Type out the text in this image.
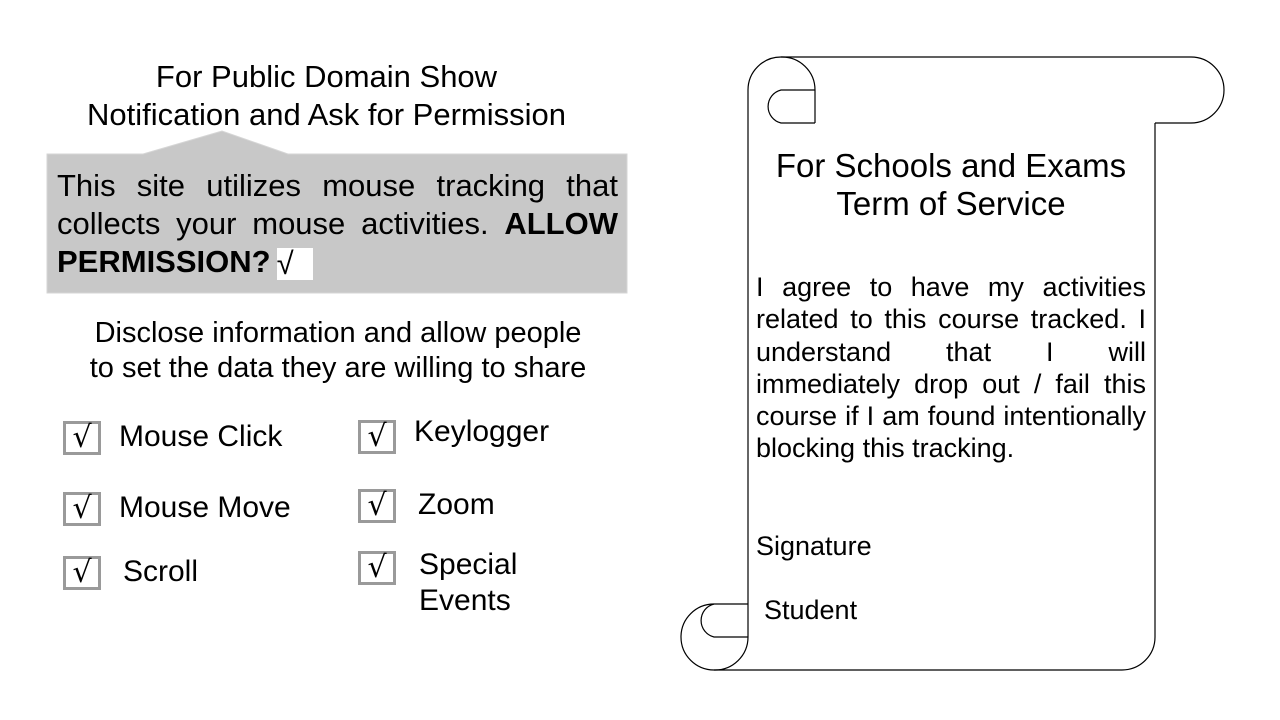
For Public Domain Show
Notification and Ask for Permission
This site utilizes mouse tracking that collects your mouse activities. ALLOW PERMISSION? √
Disclose information and allow people
to set the data they are willing to share
√ Mouse Click	√ Keylogger
√ Mouse Move	√	Zoom
√	Scroll	√	Special
Events
For Schools and Exams
Term of Service
I agree to have my activities related to this course tracked. I understand that I will immediately drop out / fail this course if I am found intentionally blocking this tracking.
Signature
Student
